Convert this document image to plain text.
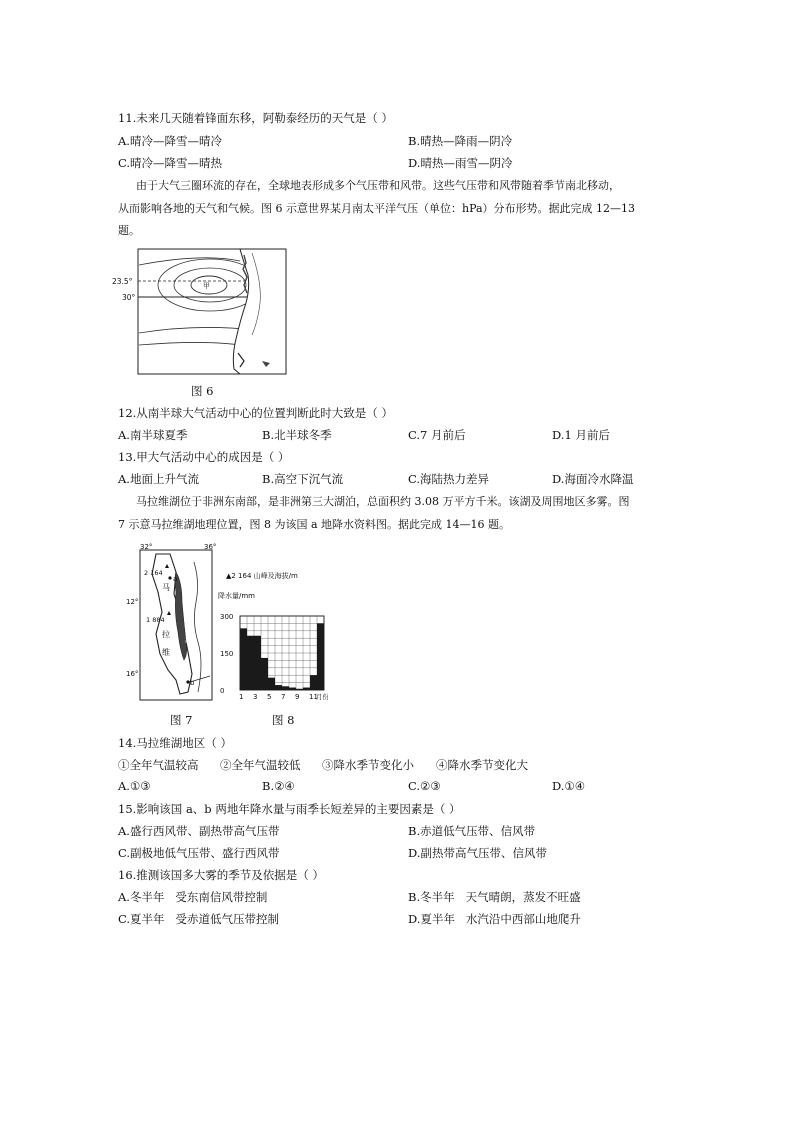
11.未来几天随着锋面东移，阿勒泰经历的天气是（ ）
A.晴冷—降雪—晴冷	B.晴热—降雨—阴冷
C.晴冷—降雪—晴热	D.晴热—雨雪—阴冷
由于大气三圈环流的存在，全球地表形成多个气压带和风带。这些气压带和风带随着季节南北移动，
从而影响各地的天气和气候。图 6 示意世界某月南太平洋气压（单位：hPa）分布形势。据此完成 12—13
题。
23.5°
30°
甲
图 6
12.从南半球大气活动中心的位置判断此时大致是（ ）
A.南半球夏季	B.北半球冬季	C.7 月前后	D.1 月前后
13.甲大气活动中心的成因是（ ）
A.地面上升气流	B.高空下沉气流	C.海陆热力差异	D.海面冷水降温
马拉维湖位于非洲东南部，是非洲第三大湖泊，总面积约 3.08 万平方千米。该湖及周围地区多雾。图
7 示意马拉维湖地理位置，图 8 为该国 a 地降水资料图。据此完成 14—16 题。
32°	36°
12°
16°
2 164
1 884
马
拉
维
马
拉
维
湖
a
b
图 7
▲2 164 山峰及海拔/m
降水量/mm
300
150
0
1 3 5 7 9 11
月份
图 8
14.马拉维湖地区（ ）
①全年气温较高 ②全年气温较低 ③降水季节变化小 ④降水季节变化大
A.①③	B.②④	C.②③	D.①④
15.影响该国 a、b 两地年降水量与雨季长短差异的主要因素是（ ）
A.盛行西风带、副热带高气压带	B.赤道低气压带、信风带
C.副极地低气压带、盛行西风带	D.副热带高气压带、信风带
16.推测该国多大雾的季节及依据是（ ）
A.冬半年   受东南信风带控制	B.冬半年   天气晴朗，蒸发不旺盛
C.夏半年   受赤道低气压带控制	D.夏半年   水汽沿中西部山地爬升
